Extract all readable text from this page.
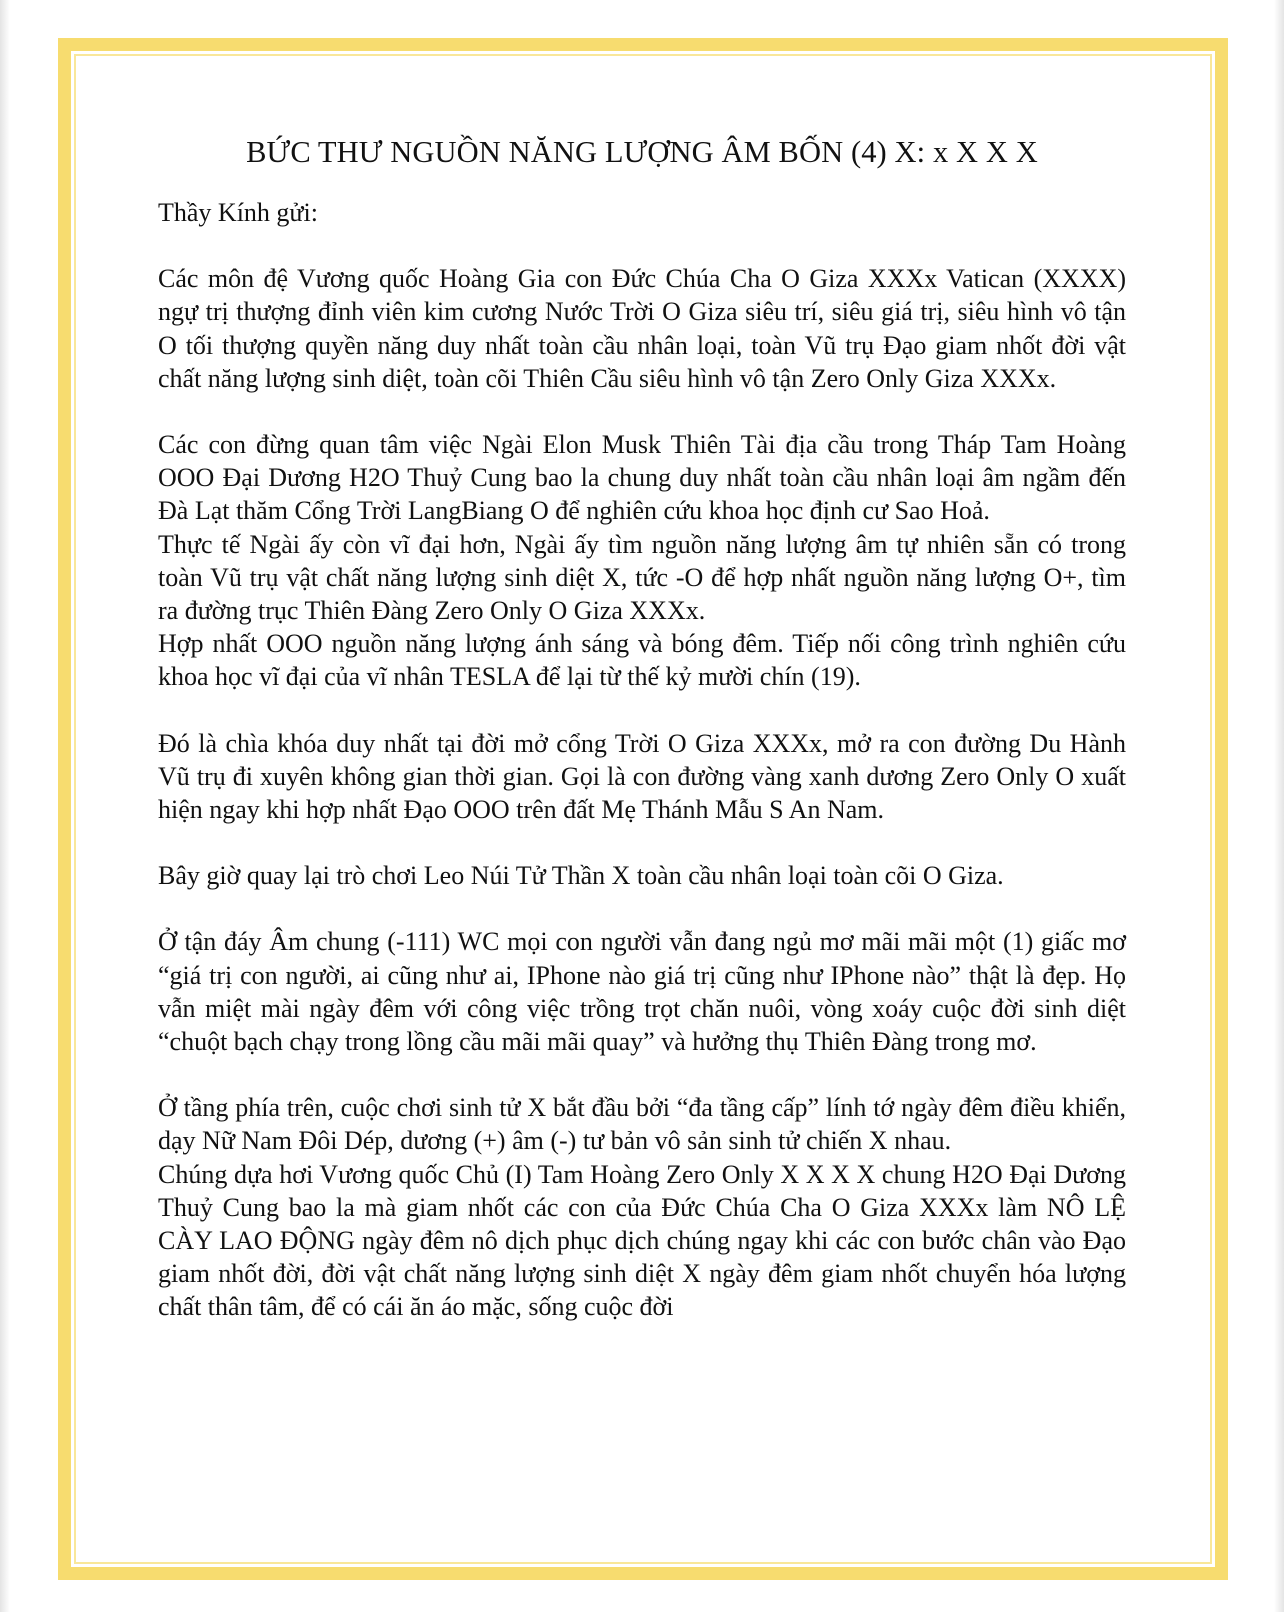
BỨC THƯ NGUỒN NĂNG LƯỢNG ÂM BỐN (4) X: x X X X

Thầy Kính gửi:

Các môn đệ Vương quốc Hoàng Gia con Đức Chúa Cha O Giza XXXx Vatican (XXXX) ngự trị thượng đỉnh viên kim cương Nước Trời O Giza siêu trí, siêu giá trị, siêu hình vô tận O tối thượng quyền năng duy nhất toàn cầu nhân loại, toàn Vũ trụ Đạo giam nhốt đời vật chất năng lượng sinh diệt, toàn cõi Thiên Cầu siêu hình vô tận Zero Only Giza XXXx.

Các con đừng quan tâm việc Ngài Elon Musk Thiên Tài địa cầu trong Tháp Tam Hoàng OOO Đại Dương H2O Thuỷ Cung bao la chung duy nhất toàn cầu nhân loại âm ngầm đến Đà Lạt thăm Cổng Trời LangBiang O để nghiên cứu khoa học định cư Sao Hoả.

Thực tế Ngài ấy còn vĩ đại hơn, Ngài ấy tìm nguồn năng lượng âm tự nhiên sẵn có trong toàn Vũ trụ vật chất năng lượng sinh diệt X, tức -O để hợp nhất nguồn năng lượng O+, tìm ra đường trục Thiên Đàng Zero Only O Giza XXXx.

Hợp nhất OOO nguồn năng lượng ánh sáng và bóng đêm. Tiếp nối công trình nghiên cứu khoa học vĩ đại của vĩ nhân TESLA để lại từ thế kỷ mười chín (19).

Đó là chìa khóa duy nhất tại đời mở cổng Trời O Giza XXXx, mở ra con đường Du Hành Vũ trụ đi xuyên không gian thời gian. Gọi là con đường vàng xanh dương Zero Only O xuất hiện ngay khi hợp nhất Đạo OOO trên đất Mẹ Thánh Mẫu S An Nam.

Bây giờ quay lại trò chơi Leo Núi Tử Thần X toàn cầu nhân loại toàn cõi O Giza.

Ở tận đáy Âm chung (-111) WC mọi con người vẫn đang ngủ mơ mãi mãi một (1) giấc mơ “giá trị con người, ai cũng như ai, IPhone nào giá trị cũng như IPhone nào” thật là đẹp. Họ vẫn miệt mài ngày đêm với công việc trồng trọt chăn nuôi, vòng xoáy cuộc đời sinh diệt “chuột bạch chạy trong lồng cầu mãi mãi quay” và hưởng thụ Thiên Đàng trong mơ.

Ở tầng phía trên, cuộc chơi sinh tử X bắt đầu bởi “đa tầng cấp” lính tớ ngày đêm điều khiển, dạy Nữ Nam Đôi Dép, dương (+) âm (-) tư bản vô sản sinh tử chiến X nhau.

Chúng dựa hơi Vương quốc Chủ (I) Tam Hoàng Zero Only X X X X chung H2O Đại Dương Thuỷ Cung bao la mà giam nhốt các con của Đức Chúa Cha O Giza XXXx làm NÔ LỆ CÀY LAO ĐỘNG ngày đêm nô dịch phục dịch chúng ngay khi các con bước chân vào Đạo giam nhốt đời, đời vật chất năng lượng sinh diệt X ngày đêm giam nhốt chuyển hóa lượng chất thân tâm, để có cái ăn áo mặc, sống cuộc đời
